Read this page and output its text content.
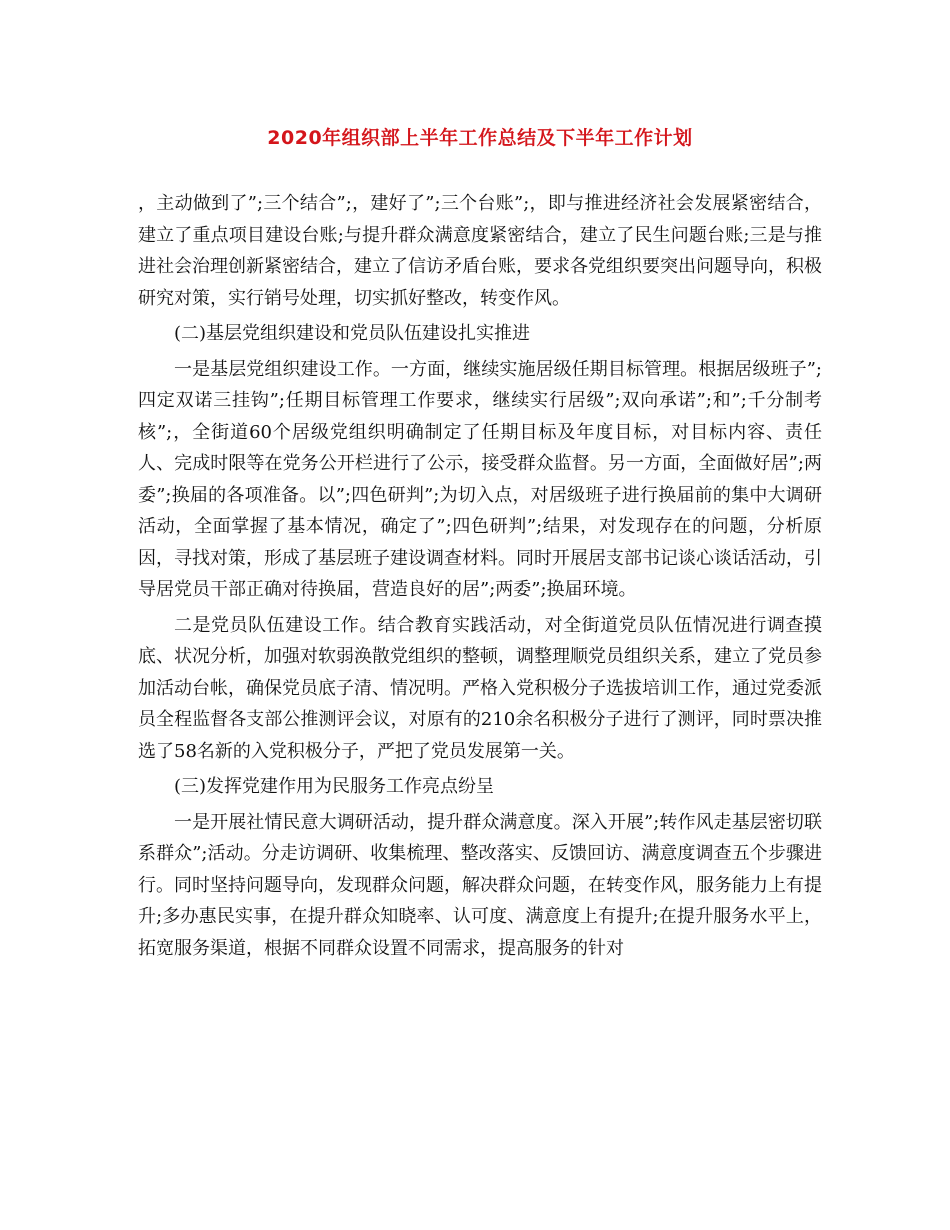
2020年组织部上半年工作总结及下半年工作计划

，主动做到了”;三个结合”;，建好了”;三个台账”;，即与推进经济社会发展紧密结合，建立了重点项目建设台账;与提升群众满意度紧密结合，建立了民生问题台账;三是与推进社会治理创新紧密结合，建立了信访矛盾台账，要求各党组织要突出问题导向，积极研究对策，实行销号处理，切实抓好整改，转变作风。

(二)基层党组织建设和党员队伍建设扎实推进

一是基层党组织建设工作。一方面，继续实施居级任期目标管理。根据居级班子”;四定双诺三挂钩”;任期目标管理工作要求，继续实行居级”;双向承诺”;和”;千分制考核”;，全街道60个居级党组织明确制定了任期目标及年度目标，对目标内容、责任人、完成时限等在党务公开栏进行了公示，接受群众监督。另一方面，全面做好居”;两委”;换届的各项准备。以”;四色研判”;为切入点，对居级班子进行换届前的集中大调研活动，全面掌握了基本情况，确定了”;四色研判”;结果，对发现存在的问题，分析原因，寻找对策，形成了基层班子建设调查材料。同时开展居支部书记谈心谈话活动，引导居党员干部正确对待换届，营造良好的居”;两委”;换届环境。

二是党员队伍建设工作。结合教育实践活动，对全街道党员队伍情况进行调查摸底、状况分析，加强对软弱涣散党组织的整顿，调整理顺党员组织关系，建立了党员参加活动台帐，确保党员底子清、情况明。严格入党积极分子选拔培训工作，通过党委派员全程监督各支部公推测评会议，对原有的210余名积极分子进行了测评，同时票决推选了58名新的入党积极分子，严把了党员发展第一关。

(三)发挥党建作用为民服务工作亮点纷呈

一是开展社情民意大调研活动，提升群众满意度。深入开展”;转作风走基层密切联系群众”;活动。分走访调研、收集梳理、整改落实、反馈回访、满意度调查五个步骤进行。同时坚持问题导向，发现群众问题，解决群众问题，在转变作风，服务能力上有提升;多办惠民实事，在提升群众知晓率、认可度、满意度上有提升;在提升服务水平上，拓宽服务渠道，根据不同群众设置不同需求，提高服务的针对
